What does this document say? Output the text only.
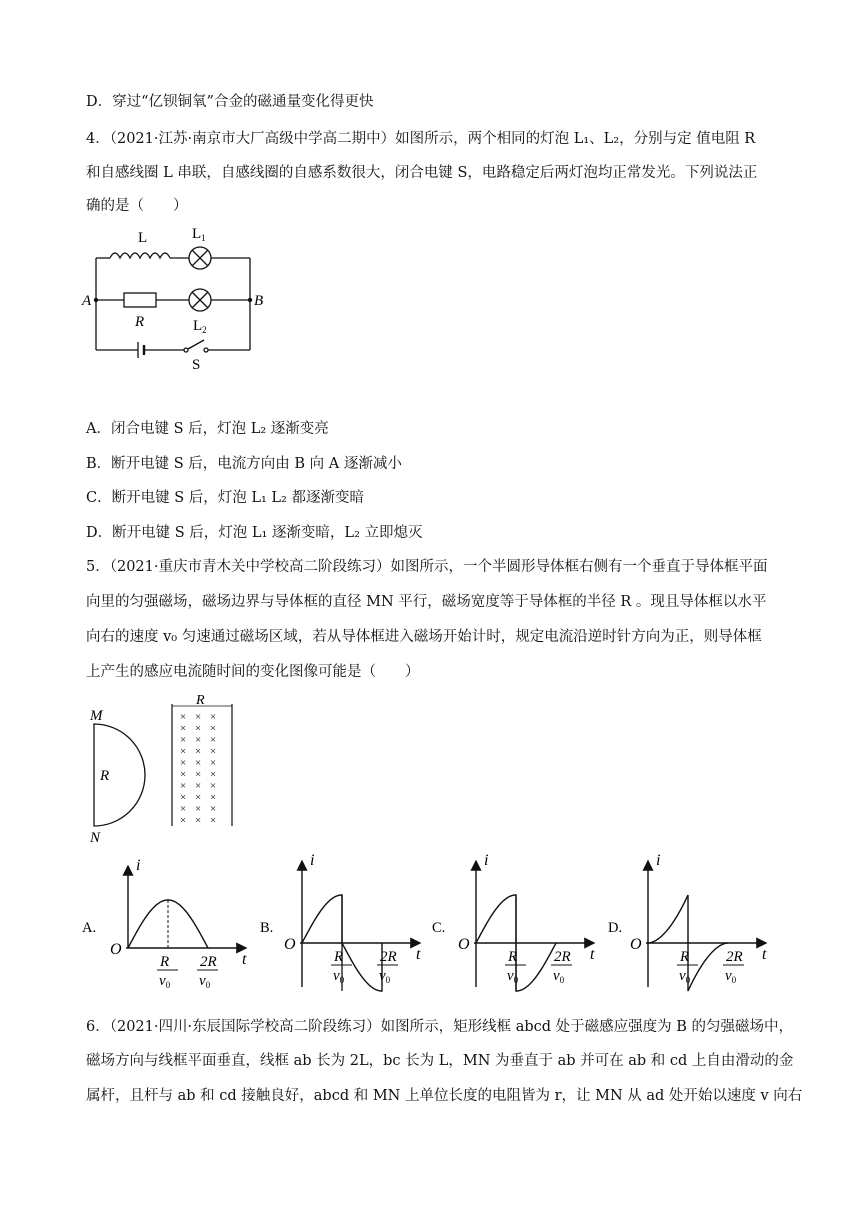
D．穿过“亿钡铜氧”合金的磁通量变化得更快
4．（2021·江苏·南京市大厂高级中学高二期中）如图所示，两个相同的灯泡 L₁、L₂，分别与定 值电阻 R
和自感线圈 L 串联，自感线圈的自感系数很大，闭合电键 S，电路稳定后两灯泡均正常发光。下列说法正
确的是（　　）
L	$L_1$
A	B
R	$L_2$
S
A．闭合电键 S 后，灯泡 L₂ 逐渐变亮
B．断开电键 S 后，电流方向由 B 向 A 逐渐减小
C．断开电键 S 后，灯泡 L₁ L₂ 都逐渐变暗
D．断开电键 S 后，灯泡 L₁ 逐渐变暗，L₂ 立即熄灭
5．（2021·重庆市青木关中学校高二阶段练习）如图所示，一个半圆形导体框右侧有一个垂直于导体框平面
向里的匀强磁场，磁场边界与导体框的直径 MN 平行，磁场宽度等于导体框的半径 R 。现且导体框以水平
向右的速度 v₀ 匀速通过磁场区域，若从导体框进入磁场开始计时，规定电流沿逆时针方向为正，则导体框
上产生的感应电流随时间的变化图像可能是（　　）
M
N
R
R
× × ×
× × ×
× × ×
× × ×
× × ×
× × ×
× × ×
× × ×
× × ×
× × ×
A.
i
t
O
R
$v_0$
2R
$v_0$
B.
i
t
O
R
$v_0$
2R
$v_0$
C.
i
t
O
R
$v_0$
2R
$v_0$
D.
i
t
O
R
$v_0$
2R
$v_0$
6．（2021·四川·东辰国际学校高二阶段练习）如图所示，矩形线框 abcd 处于磁感应强度为 B 的匀强磁场中，
磁场方向与线框平面垂直，线框 ab 长为 2L，bc 长为 L，MN 为垂直于 ab 并可在 ab 和 cd 上自由滑动的金
属杆，且杆与 ab 和 cd 接触良好，abcd 和 MN 上单位长度的电阻皆为 r，让 MN 从 ad 处开始以速度 v 向右
